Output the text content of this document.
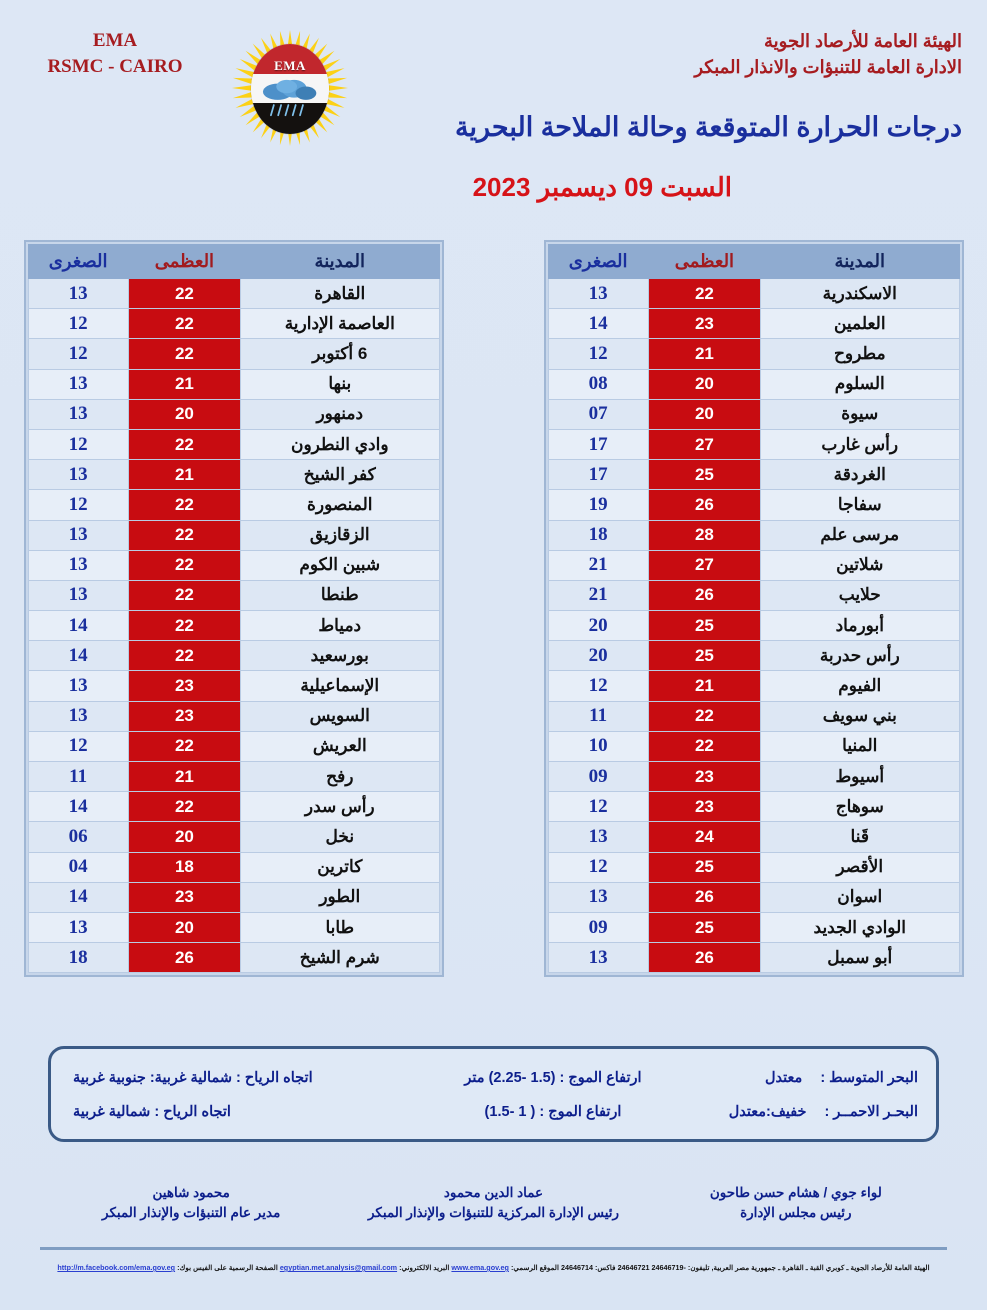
EMA
RSMC - CAIRO	EMA
الهيئة العامة للأرصاد الجوية
الادارة العامة للتنبؤات والانذار المبكر
درجات الحرارة المتوقعة وحالة الملاحة البحرية
السبت 09 ديسمبر 2023
المدينة	العظمى	الصغرى
القاهرة	22	13
العاصمة الإدارية	22	12
6 أكتوبر	22	12
بنها	21	13
دمنهور	20	13
وادي النطرون	22	12
كفر الشيخ	21	13
المنصورة	22	12
الزقازيق	22	13
شبين الكوم	22	13
طنطا	22	13
دمياط	22	14
بورسعيد	22	14
الإسماعيلية	23	13
السويس	23	13
العريش	22	12
رفح	21	11
رأس سدر	22	14
نخل	20	06
كاترين	18	04
الطور	23	14
طابا	20	13
شرم الشيخ	26	18
المدينة	العظمى	الصغرى
الاسكندرية	22	13
العلمين	23	14
مطروح	21	12
السلوم	20	08
سيوة	20	07
رأس غارب	27	17
الغردقة	25	17
سفاجا	26	19
مرسى علم	28	18
شلاتين	27	21
حلايب	26	21
أبورماد	25	20
رأس حدربة	25	20
الفيوم	21	12
بني سويف	22	11
المنيا	22	10
أسيوط	23	09
سوهاج	23	12
قَنا	24	13
الأقصر	25	12
اسوان	26	13
الوادي الجديد	25	09
أبو سمبل	26	13
البحر المتوسط : معتدل
ارتفاع الموج : (1.5 -2.25) متر
اتجاه الرياح : شمالية غربية: جنوبية غربية
البحـر الاحمــر : خفيف:معتدل
ارتفاع الموج : ( 1 -1.5)
اتجاه الرياح : شمالية غربية
لواء جوي / هشام حسن طاحون
رئيس مجلس الإدارة
عماد الدين محمود
رئيس الإدارة المركزية للتنبؤات والإنذار المبكر
محمود شاهين
مدير عام التنبؤات والإنذار المبكر
الهيئة العامة للأرصاد الجوية ـ كوبري القبة ـ القاهرة ـ جمهورية مصر العربية, تليفون: -24646719 24646721 فاكس: 24646714 الموقع الرسمي: www.ema.gov.eg البريد الالكتروني: egyptian.met.analysis@gmail.com الصفحة الرسمية على الفيس بوك: http://m.facebook.com/ema.gov.eg
